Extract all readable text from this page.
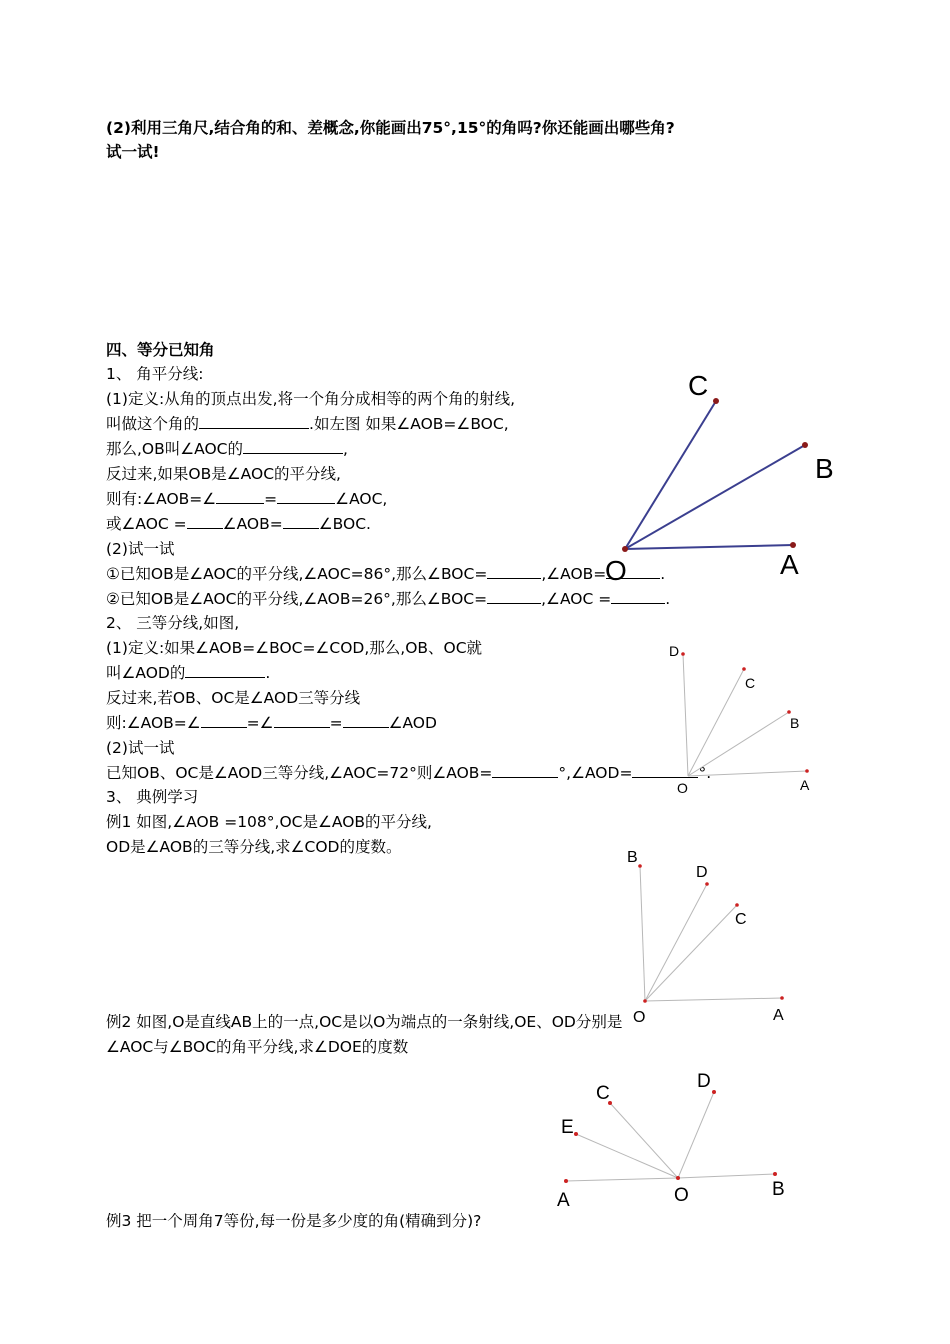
(2)利用三角尺,结合角的和、差概念,你能画出75°,15°的角吗?你还能画出哪些角?
试一试!
四、等分已知角
1、 角平分线:
(1)定义:从角的顶点出发,将一个角分成相等的两个角的射线,
叫做这个角的	.如左图 如果∠AOB=∠BOC,
那么,OB叫∠AOC的	,
反过来,如果OB是∠AOC的平分线,
则有:∠AOB=∠	=	∠AOC,
或∠AOC = ∠AOB= ∠BOC.
(2)试一试
①已知OB是∠AOC的平分线,∠AOC=86°,那么∠BOC=	,∠AOB=	.
②已知OB是∠AOC的平分线,∠AOB=26°,那么∠BOC=	,∠AOC =	.
2、 三等分线,如图,
(1)定义:如果∠AOB=∠BOC=∠COD,那么,OB、OC就
叫∠AOD的	.
反过来,若OB、OC是∠AOD三等分线
则:∠AOB=∠	=∠	=	∠AOD
(2)试一试
已知OB、OC是∠AOD三等分线,∠AOC=72°则∠AOB=	°,∠AOD=	°.
3、 典例学习
例1 如图,∠AOB =108°,OC是∠AOB的平分线,
OD是∠AOB的三等分线,求∠COD的度数。
例2 如图,O是直线AB上的一点,OC是以O为端点的一条射线,OE、OD分别是
∠AOC与∠BOC的角平分线,求∠DOE的度数
例3 把一个周角7等份,每一份是多少度的角(精确到分)?
C
B
O	A
D
C
B
O	A
B
D
C
O	A
C
D
E
A	O	B
